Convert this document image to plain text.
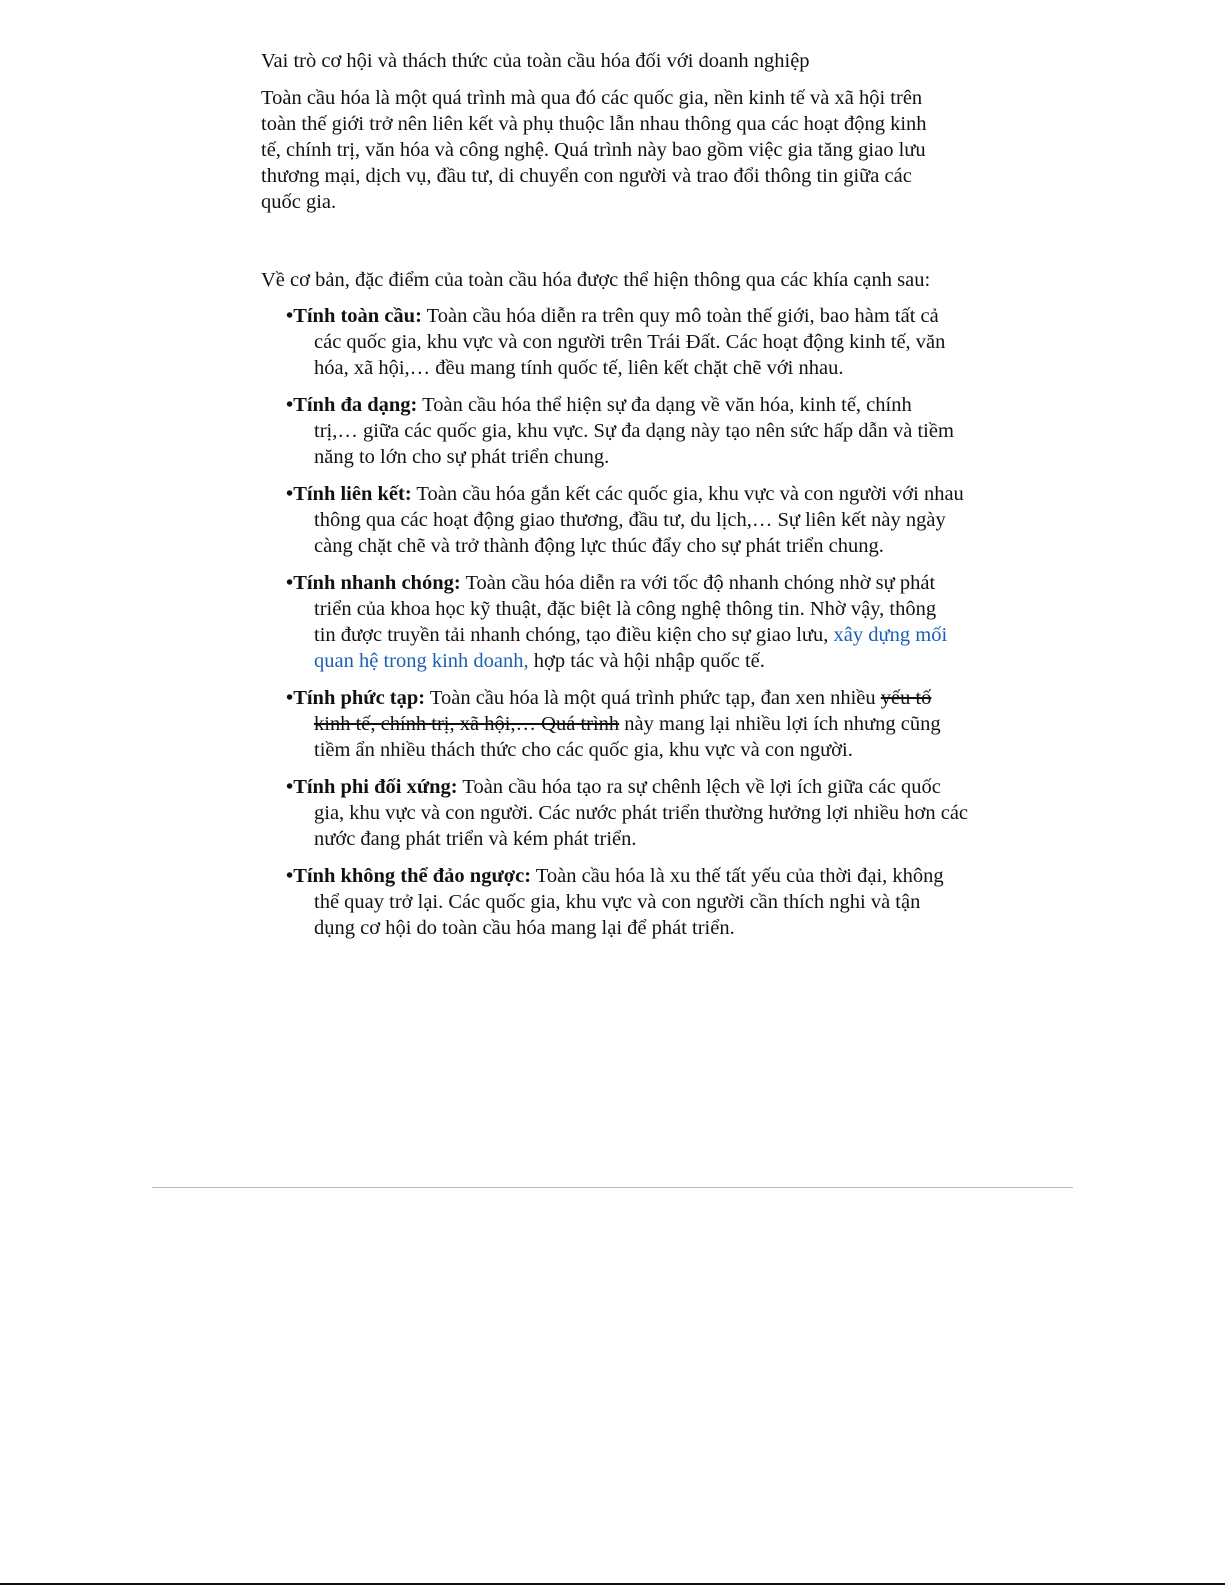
Vai trò cơ hội và thách thức của toàn cầu hóa đối với doanh nghiệp

Toàn cầu hóa là một quá trình mà qua đó các quốc gia, nền kinh tế và xã hội trên toàn thế giới trở nên liên kết và phụ thuộc lẫn nhau thông qua các hoạt động kinh tế, chính trị, văn hóa và công nghệ. Quá trình này bao gồm việc gia tăng giao lưu thương mại, dịch vụ, đầu tư, di chuyển con người và trao đổi thông tin giữa các quốc gia.

Về cơ bản, đặc điểm của toàn cầu hóa được thể hiện thông qua các khía cạnh sau:

•Tính toàn cầu: Toàn cầu hóa diễn ra trên quy mô toàn thế giới, bao hàm tất cả các quốc gia, khu vực và con người trên Trái Đất. Các hoạt động kinh tế, văn hóa, xã hội,… đều mang tính quốc tế, liên kết chặt chẽ với nhau.
•Tính đa dạng: Toàn cầu hóa thể hiện sự đa dạng về văn hóa, kinh tế, chính trị,… giữa các quốc gia, khu vực. Sự đa dạng này tạo nên sức hấp dẫn và tiềm năng to lớn cho sự phát triển chung.
•Tính liên kết: Toàn cầu hóa gắn kết các quốc gia, khu vực và con người với nhau thông qua các hoạt động giao thương, đầu tư, du lịch,… Sự liên kết này ngày càng chặt chẽ và trở thành động lực thúc đẩy cho sự phát triển chung.
•Tính nhanh chóng: Toàn cầu hóa diễn ra với tốc độ nhanh chóng nhờ sự phát triển của khoa học kỹ thuật, đặc biệt là công nghệ thông tin. Nhờ vậy, thông tin được truyền tải nhanh chóng, tạo điều kiện cho sự giao lưu, xây dựng mối quan hệ trong kinh doanh, hợp tác và hội nhập quốc tế.
•Tính phức tạp: Toàn cầu hóa là một quá trình phức tạp, đan xen nhiều yếu tố kinh tế, chính trị, xã hội,… Quá trình này mang lại nhiều lợi ích nhưng cũng tiềm ẩn nhiều thách thức cho các quốc gia, khu vực và con người.
•Tính phi đối xứng: Toàn cầu hóa tạo ra sự chênh lệch về lợi ích giữa các quốc gia, khu vực và con người. Các nước phát triển thường hưởng lợi nhiều hơn các nước đang phát triển và kém phát triển.
•Tính không thể đảo ngược: Toàn cầu hóa là xu thế tất yếu của thời đại, không thể quay trở lại. Các quốc gia, khu vực và con người cần thích nghi và tận dụng cơ hội do toàn cầu hóa mang lại để phát triển.
